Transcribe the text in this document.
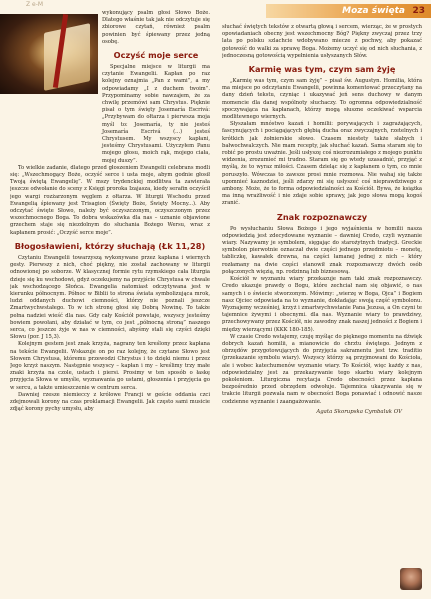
Z e-M
Moza święta 23

wykonujący psalm głosi Słowo Boże. Dlatego właśnie tak jak nie odczytuje się zbiorowe czytań, również psalm powinien być śpiewany przez jedną osobę.

Oczyść moje serce

Specjalne miejsce w liturgii ma czytanie Ewangelii. Kapłan po raz kolejny oznajmia „Pan z wami”, a my odpowiadamy „I z duchem twoim”. Przypominamy sobie nawzajem, że za chwilę przemówi sam Chrystus. Pięknie pisał o tym święty Josemaría Escrivá: „Przybywam do ołtarza i pierwsza moja myśl to: Josemaría, ty nie jesteś Josemaría Escrivá (...) jesteś Chrystusem. My wszyscy kapłani, jesteśmy Chrystusami. Użyczyłem Panu mojego głosu, moich rąk, mojego ciała, mojej duszy”.

To wielkie zadanie, dlatego przed głoszeniem Ewangelii celebrans modli się: „Wszechmogący Boże, oczyść serce i usta moje, abym godnie głosił Twoją świętą Ewangelię”. W mszy trydenckiej modlitwa ta zawierała jeszcze odwołanie do sceny z Księgi proroka Izajasza, kiedy serafin oczyścił jego wargi rozżarzonym węglem z ołtarza. W liturgii Wschodu przed Ewangelią śpiewany jest Trisagion (Święty Boże, Święty Mocny...). Aby odczytać święte Słowo, należy być oczyszczonym, oczyszczonym przez wszechmocnego Boga. To dobra wskazówka dla nas – uznanie objawione grzechem staje się niezdolnym do słuchania Bożego Wersu, wraz z kapłanem prosić: „Oczyść serce moje”.

Błogosławieni, którzy słuchają (Łk 11,28)

Czytaniu Ewangelii towarzyszą wykonywane przez kapłana i wiernych gesty. Pierwszy z nich, choć piękny, nie został zachowany w liturgii odnowionej po soborze. W klasycznej formie rytu rzymskiego cała liturgia dzieje się ku wschodowi, gdyż oczekujemy na przyjście Chrystusa w chwale jak wschodzącego Słońca. Ewangelia natomiast odczytywana jest w kierunku północnym. Północ w Biblii to strona świata symbolizująca mrok, ludzi oddanych duchowi ciemności, którzy nie poznali jeszcze Zmartwychwstałego. To w ich stronę głosi się Dobrą Nowinę. To także pełna nadziei wieść dla nas. Gdy cały Kościół powstaje, wszyscy jesteśmy bowiem powołani, aby działać w tym, co jest „północną stroną” naszego serca, co jeszcze żyje w nas w ciemności, abyśmy stali się czyści dzięki Słowu (por. J 15,3).

Kolejnym gestem jest znak krzyża, nagrany ten kreślony przez kapłana na tekście Ewangelii. Wskazuje on po raz kolejny, że czytane Słowo jest Słowem Chrystusa, któremu przewodzi Chrystus i to dzięki niemu i przez Jego krzyż naszym. Następnie wszyscy – kapłan i my – kreślimy trzy małe znaki krzyża na czole, ustach i piersi. Prosimy w ten sposób o łaskę przyjęcia Słowa w umyśle, wyznawania go ustami, głoszenia i przyjęcia go w sercu, a także umieszczenie w centrum serca.

Dawniej rzesze niemieccy z królowe Francji w geście oddania czci zdejmowali korony na czas proklamacji Ewangelii. Jak często sami musicie zdjąć korony pychy umysłu, aby

słuchać świętych tekstów z otwartą głową i sercem, wierząc, że w prostych opowiadaniach obecny jest wszechmocny Bóg? Piękny zwyczaj przez trzy lata po polsku szlachcie wdobywano miecze z pochwy, aby pokazać gotowość do walki za sprawę Boga. Możemy uczyć się od nich słuchania, z jednoczesną gotowością wypełnienia usłyszanych Słów.

Karmię was tym, czym sam żyję

„Karmię was tym, czym sam żyję” – pisał św. Augustyn. Homilia, która ma miejsce po odczytaniu Ewangelii, powinna komentować przeczytany na dany dzień tekstu, czyniąc i ukazywać jeń sens duchowy w danym momencie dla danej wspólnoty słuchaczy. To ogromna odpowiedzialność spoczywająca na kapłanach, którzy mogą słuszne oczekiwać wsparcia modlitewnego wiernych.

Słyszałam mnóstwo kazań i homilii: porywających i zagrażających, fascynujących i pociągających głębią ducha oraz zwyczajnych, rzetelnych i krótkich jak żołnierskie słowo. Czasem niestety także słabych i bałwochwalczych. Nie mam recepty, jak słuchać kazań. Sama staram się to robić po prostu uważnie. Jeśli usłyszę coś niezrozumiałego z mojego punktu widzenia, zrozumieć mi trudno. Staram się go wtedy uzasadnić, przyjąć z myślą, że to wyraz miłości. Czasem dzieląc się z kapłanem o tym, co mnie poruszyło. Wówczas to zawsze prosi mnie rozmowa. Nie wahaj się także upomnieć kaznodziei, jeśli zdarzy mi się usłyszeć coś nieprawdziwego z ambony. Może, że to forma odpowiedzialności za Kościół. Bywa, że książka ma inną wrażliwość i nie zdaje sobie sprawy, jak jego słowa mogą kogoś zranić.

Znak rozpoznawczy

Po wysłuchaniu Słowa Bożego i jego wyjaśnienia w homilii nasza odpowiedzią jest zdecydowane wyznanie – dawniej Credo, czyli wyznanie wiary. Nazywamy je symbolem, sięgając do starożytnych tradycji. Greckie symbolon pierwotnie oznaczał dwie części jednego przedmiotu – monetę, tabliczkę, kawałek drewna, na części łamanej jednej z nich – który rozłamany na dwie części stanowił znak rozpoznawczy dwóch osób połączonych więzią, np. rodzinną lub biznesową.

Kościół w wyznaniu wiary przekazuje nam taki znak rozpoznawczy. Credo ukazuje prawdy o Bogu, które zechciał nam się objawić, o nas samych i o świecie stworzonym. Mówimy: „wierzę w Boga, Ojca” i Bogiem nasz Ojciec odpowiada na to wyznanie, dokładając swoją część symbolonu. Wyznajemy wcześniej, krzyż i zmartwychwstanie Pana Jezusa, a On czyni te tajemnice żywymi i obecnymi. dla nas. Wyznanie wiary to prawdziwy, przechowywany przez Kościół, nie zawodny znak naszej jedności z Bogiem i między wierzącymi (KKK 180-185).

W czasie Credo wstajemy, czuję myśląc do pięknego momentu na dźwięk dobrych kazań homilii, a mianowicie do chrztu świętego. Jednym z obrzędów przygotowujących do przyjęcia sakramentu jest tzw. traditio (przekazanie symbolu wiary). Wszyscy którzy są przyjmowani do Kościoła, ale i wobec katechumenów wyznanie wiary. To Kościół, więc każdy z nas, odpowiedzialny jest za przekazywanie tego skarbu wiary kolejnym pokoleniom. Liturgiczna recytacja Credo obecności przez kapłana bezpośrednio przed obrzędem odwołuje. Tajemnica ukazywania się w trakcie liturgii pozwala nam w obecności Boga ponawiać i odnowić nasze codzienne wyznanie i zaangażowanie.

Agata Skorupska Cymbaluk OV
